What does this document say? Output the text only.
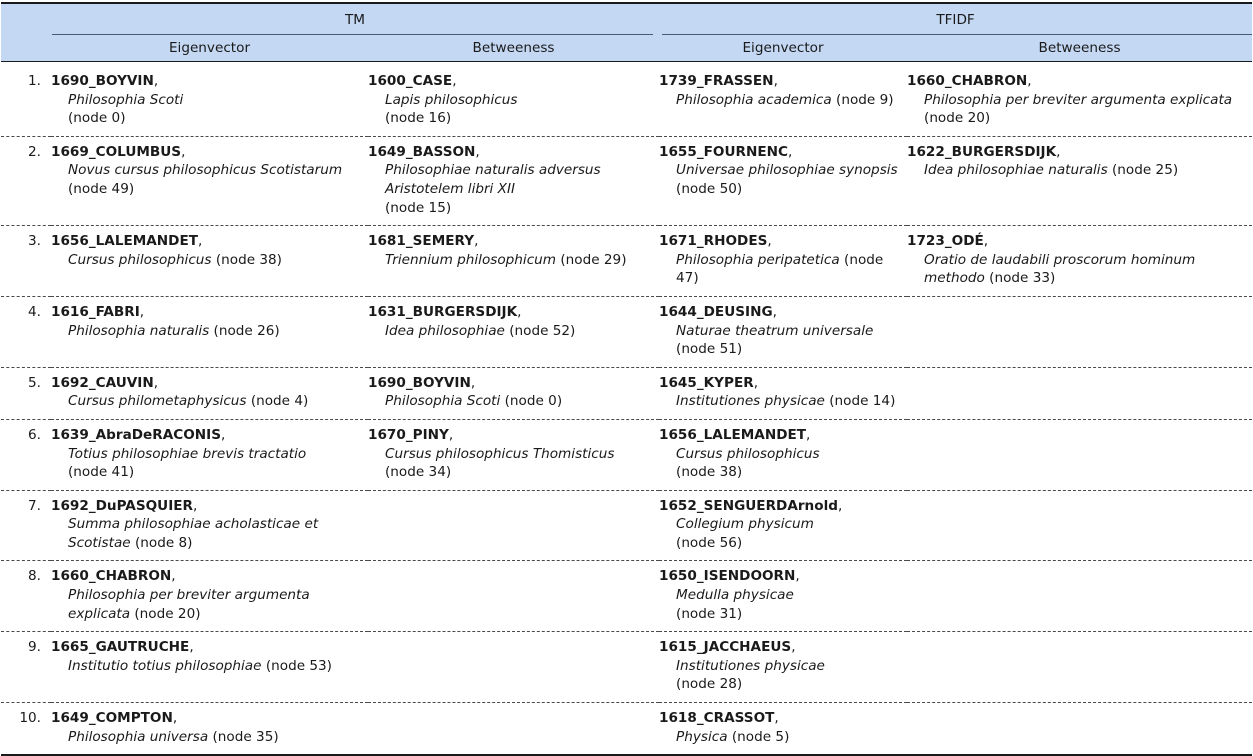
	TM		TFIDF	

	Eigenvector	Betweeness	Eigenvector	Betweeness

1.	1690_BOYVIN,
Philosophia Scoti
(node 0)	1600_CASE,
Lapis philosophicus
(node 16)	1739_FRASSEN,
Philosophia academica (node 9)	1660_CHABRON,
Philosophia per breviter argumenta explicata
(node 20)

2.	1669_COLUMBUS,
Novus cursus philosophicus Scotistarum
(node 49)	1649_BASSON,
Philosophiae naturalis adversus Aristotelem libri XII
(node 15)	1655_FOURNENC,
Universae philosophiae synopsis
(node 50)	1622_BURGERSDIJK,
Idea philosophiae naturalis (node 25)

3.	1656_LALEMANDET,
Cursus philosophicus (node 38)	1681_SEMERY,
Triennium philosophicum (node 29)	1671_RHODES,
Philosophia peripatetica (node 47)	1723_ODÉ,
Oratio de laudabili proscorum hominum methodo (node 33)

4.	1616_FABRI,
Philosophia naturalis (node 26)	1631_BURGERSDIJK,
Idea philosophiae (node 52)	1644_DEUSING,
Naturae theatrum universale
(node 51)	

5.	1692_CAUVIN,
Cursus philometaphysicus (node 4)	1690_BOYVIN,
Philosophia Scoti (node 0)	1645_KYPER,
Institutiones physicae (node 14)	

6.	1639_AbraDeRACONIS,
Totius philosophiae brevis tractatio
(node 41)	1670_PINY,
Cursus philosophicus Thomisticus
(node 34)	1656_LALEMANDET,
Cursus philosophicus
(node 38)	

7.	1692_DuPASQUIER,
Summa philosophiae acholasticae et Scotistae (node 8)		1652_SENGUERDArnold,
Collegium physicum
(node 56)	

8.	1660_CHABRON,
Philosophia per breviter argumenta explicata (node 20)		1650_ISENDOORN,
Medulla physicae
(node 31)	

9.	1665_GAUTRUCHE,
Institutio totius philosophiae (node 53)		1615_JACCHAEUS,
Institutiones physicae
(node 28)	

10.	1649_COMPTON,
Philosophia universa (node 35)		1618_CRASSOT,
Physica (node 5)	
